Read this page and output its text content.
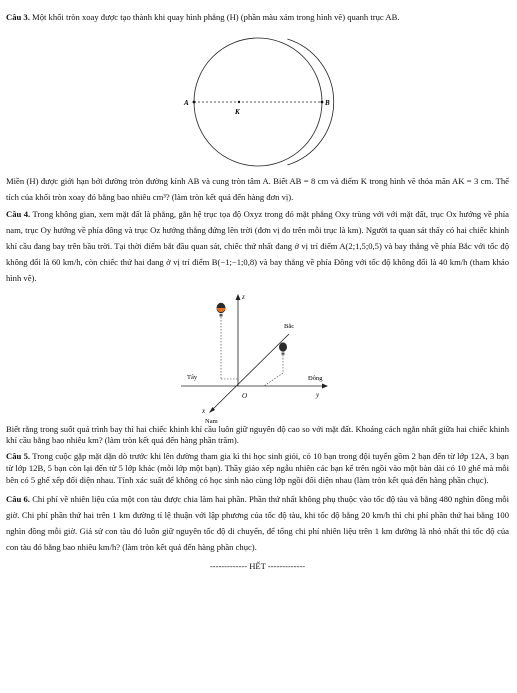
Câu 3. Một khối tròn xoay được tạo thành khi quay hình phẳng (H) (phần màu xám trong hình vẽ) quanh trục AB.

A
K
B

Miền (H) được giới hạn bởi đường tròn đường kính AB và cung tròn tâm A. Biết AB = 8 cm và điểm K trong hình vẽ thỏa mãn AK = 3 cm. Thể tích của khối tròn xoay đó bằng bao nhiêu cm³? (làm tròn kết quả đến hàng đơn vị).

Câu 4. Trong không gian, xem mặt đất là phẳng, gắn hệ trục tọa độ Oxyz trong đó mặt phẳng Oxy trùng với với mặt đất, trục Ox hướng về phía nam, trục Oy hướng về phía đông và trục Oz hướng thẳng đứng lên trời (đơn vị đo trên mỗi trục là km). Người ta quan sát thấy có hai chiếc khinh khí cầu đang bay trên bầu trời. Tại thời điểm bắt đầu quan sát, chiếc thứ nhất đang ở vị trí điểm A(2;1,5;0,5) và bay thẳng về phía Bắc với tốc độ không đổi là 60 km/h, còn chiếc thứ hai đang ở vị trí điểm B(−1;−1;0,8) và bay thẳng về phía Đông với tốc độ không đổi là 40 km/h (tham khảo hình vẽ).

z
y
Tây	Đông
x
Nam
Bắc
O

Biết rằng trong suốt quá trình bay thì hai chiếc khinh khí cầu luôn giữ nguyên độ cao so với mặt đất. Khoảng cách ngắn nhất giữa hai chiếc khinh khí cầu bằng bao nhiêu km? (làm tròn kết quả đến hàng phần trăm).

Câu 5. Trong cuộc gặp mặt dặn dò trước khi lên đường tham gia kì thi học sinh giỏi, có 10 bạn trong đội tuyển gồm 2 bạn đến từ lớp 12A, 3 bạn từ lớp 12B, 5 bạn còn lại đến từ 5 lớp khác (mỗi lớp một bạn). Thầy giáo xếp ngẫu nhiên các bạn kể trên ngồi vào một bàn dài có 10 ghế mà mỗi bên có 5 ghế xếp đối diện nhau. Tính xác suất để không có học sinh nào cùng lớp ngồi đối diện nhau (làm tròn kết quả đến hàng phần chục).

Câu 6. Chi phí về nhiên liệu của một con tàu được chia làm hai phần. Phần thứ nhất không phụ thuộc vào tốc độ tàu và bằng 480 nghìn đồng mỗi giờ. Chi phí phần thứ hai trên 1 km đường tỉ lệ thuận với lập phương của tốc độ tàu, khi tốc độ bằng 20 km/h thì chi phí phần thứ hai bằng 100 nghìn đồng mỗi giờ. Giả sử con tàu đó luôn giữ nguyên tốc độ di chuyển, để tổng chi phí nhiên liệu trên 1 km đường là nhỏ nhất thì tốc độ của con tàu đó bằng bao nhiêu km/h? (làm tròn kết quả đến hàng phần chục).

------------- HẾT -------------
